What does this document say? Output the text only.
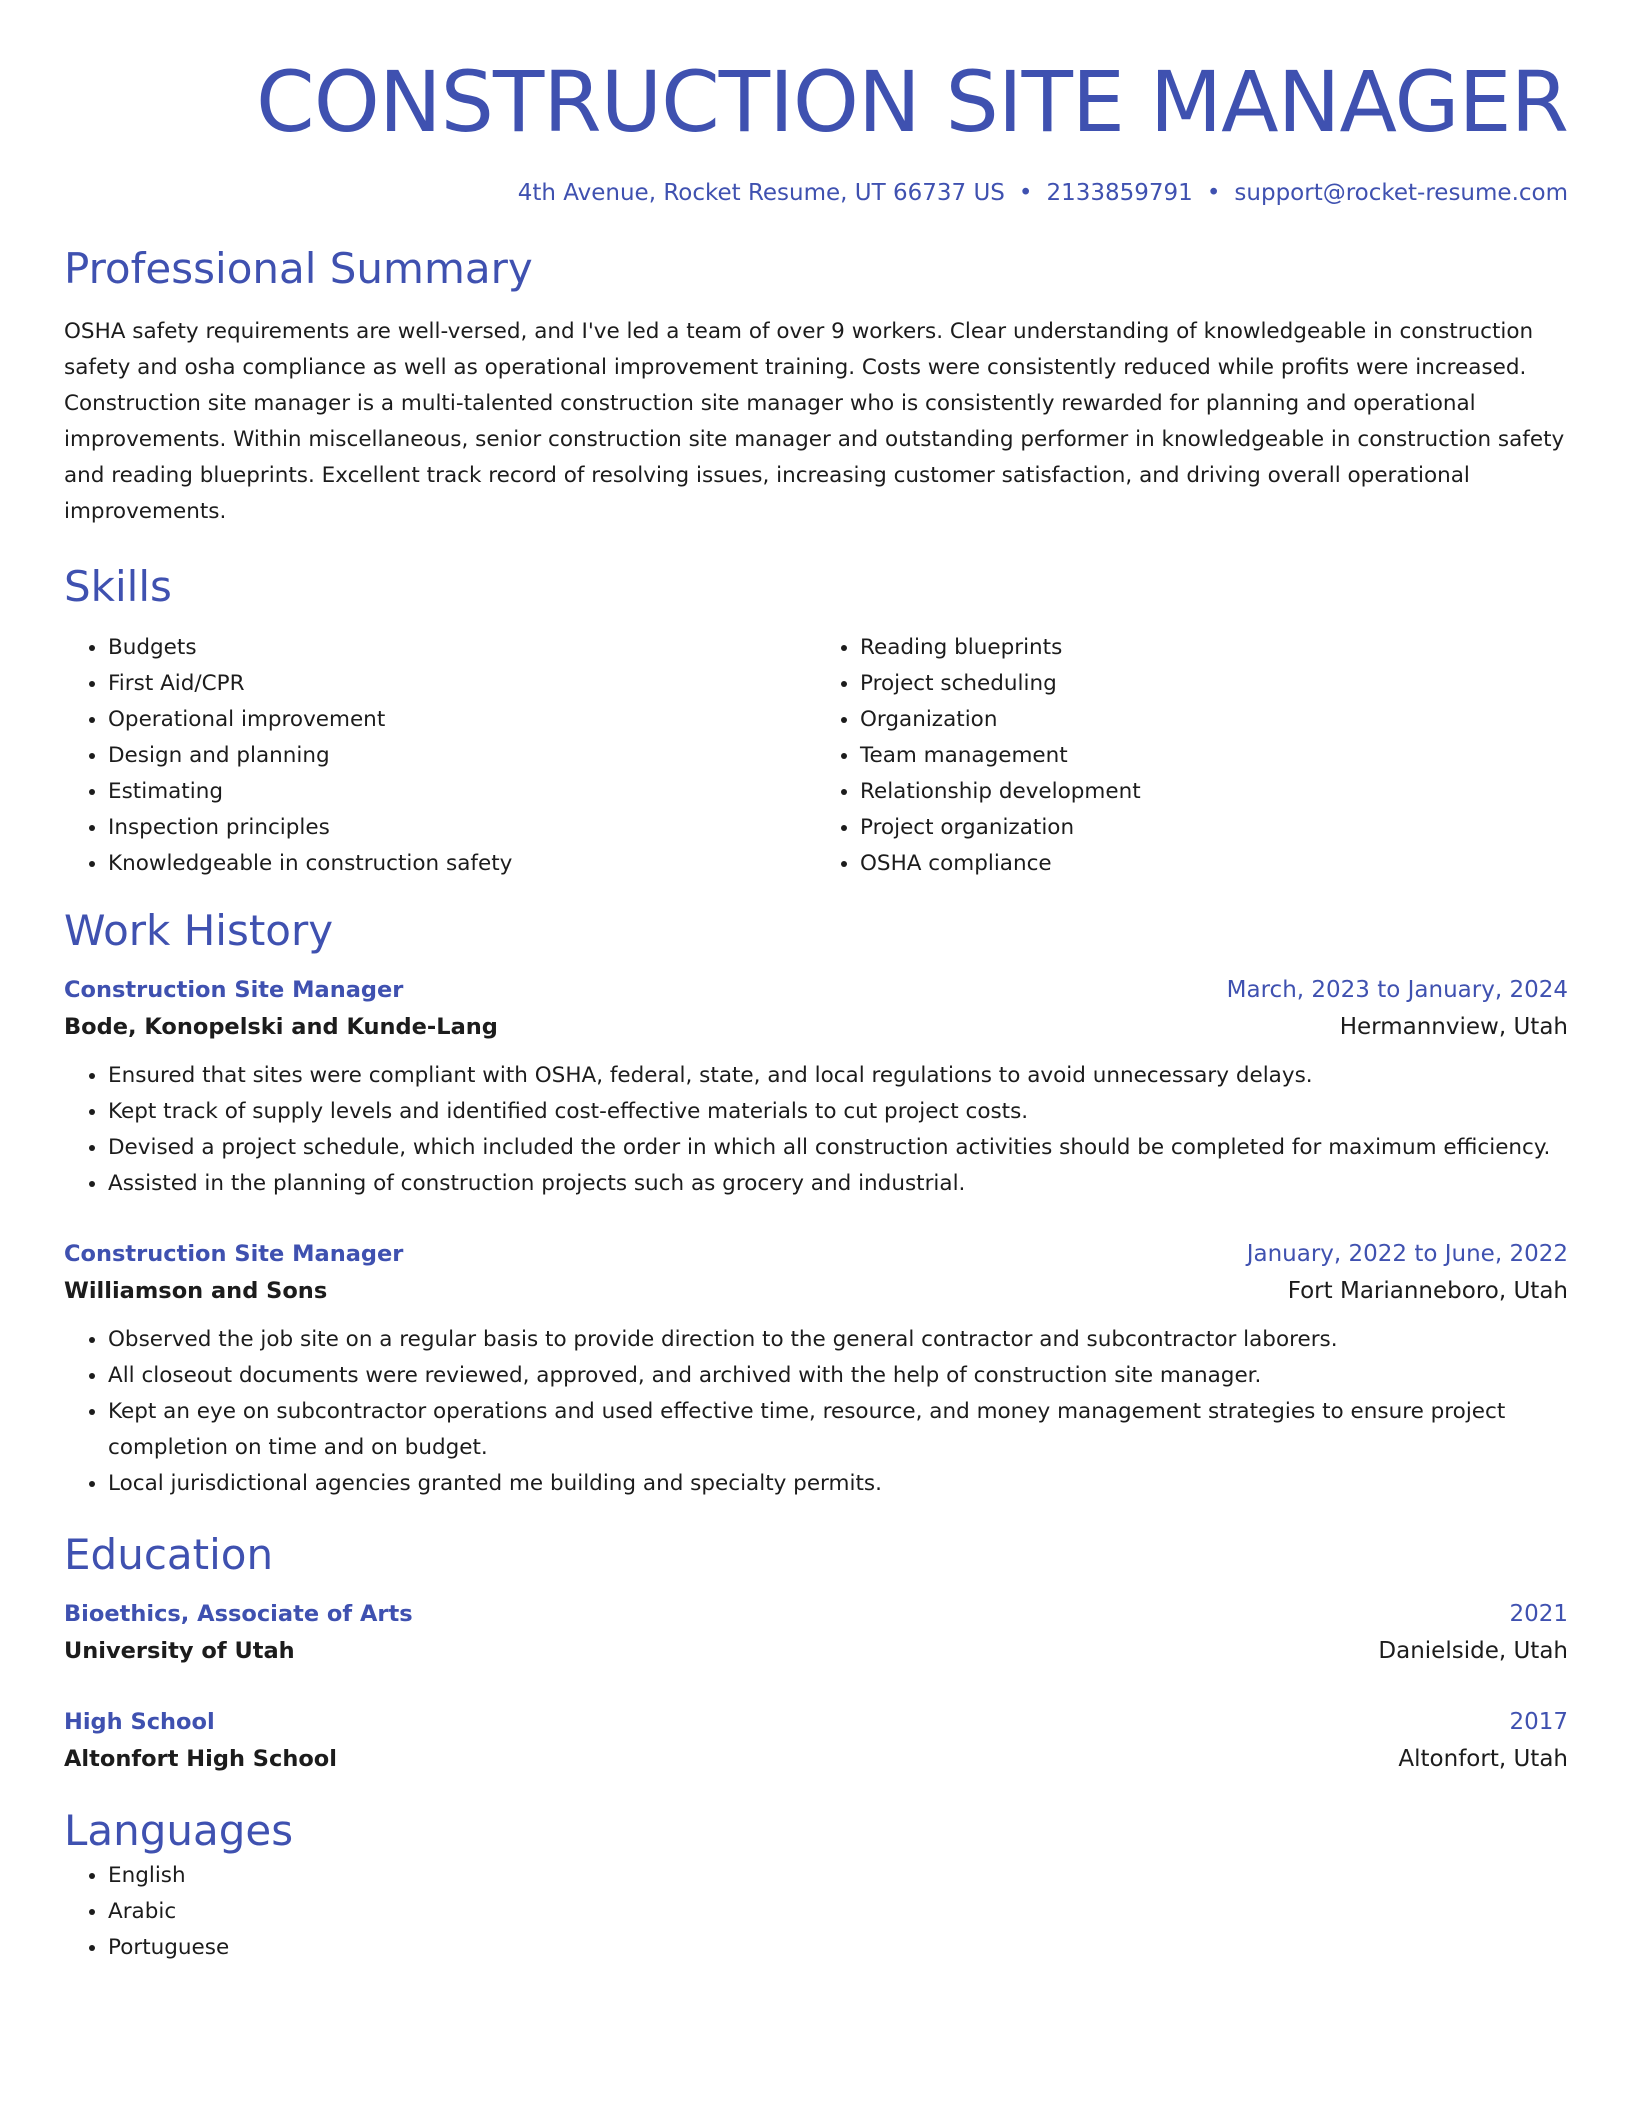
CONSTRUCTION SITE MANAGER
4th Avenue, Rocket Resume, UT 66737 US • 2133859791 • support@rocket-resume.com
Professional Summary

OSHA safety requirements are well-versed, and I've led a team of over 9 workers. Clear understanding of knowledgeable in construction safety and osha compliance as well as operational improvement training. Costs were consistently reduced while profits were increased. Construction site manager is a multi-talented construction site manager who is consistently rewarded for planning and operational improvements. Within miscellaneous, senior construction site manager and outstanding performer in knowledgeable in construction safety and reading blueprints. Excellent track record of resolving issues, increasing customer satisfaction, and driving overall operational improvements.

Skills
• Budgets
• First Aid/CPR
• Operational improvement
• Design and planning
• Estimating
• Inspection principles
• Knowledgeable in construction safety
• Reading blueprints
• Project scheduling
• Organization
• Team management
• Relationship development
• Project organization
• OSHA compliance
Work History
Construction Site Manager	March, 2023 to January, 2024
Bode, Konopelski and Kunde-Lang	Hermannview, Utah
• Ensured that sites were compliant with OSHA, federal, state, and local regulations to avoid unnecessary delays.
• Kept track of supply levels and identified cost-effective materials to cut project costs.
• Devised a project schedule, which included the order in which all construction activities should be completed for maximum efficiency.
• Assisted in the planning of construction projects such as grocery and industrial.
Construction Site Manager	January, 2022 to June, 2022
Williamson and Sons	Fort Marianneboro, Utah
• Observed the job site on a regular basis to provide direction to the general contractor and subcontractor laborers.
• All closeout documents were reviewed, approved, and archived with the help of construction site manager.
• Kept an eye on subcontractor operations and used effective time, resource, and money management strategies to ensure project completion on time and on budget.
• Local jurisdictional agencies granted me building and specialty permits.
Education
Bioethics, Associate of Arts	2021
University of Utah	Danielside, Utah
High School	2017
Altonfort High School	Altonfort, Utah
Languages
• English
• Arabic
• Portuguese
